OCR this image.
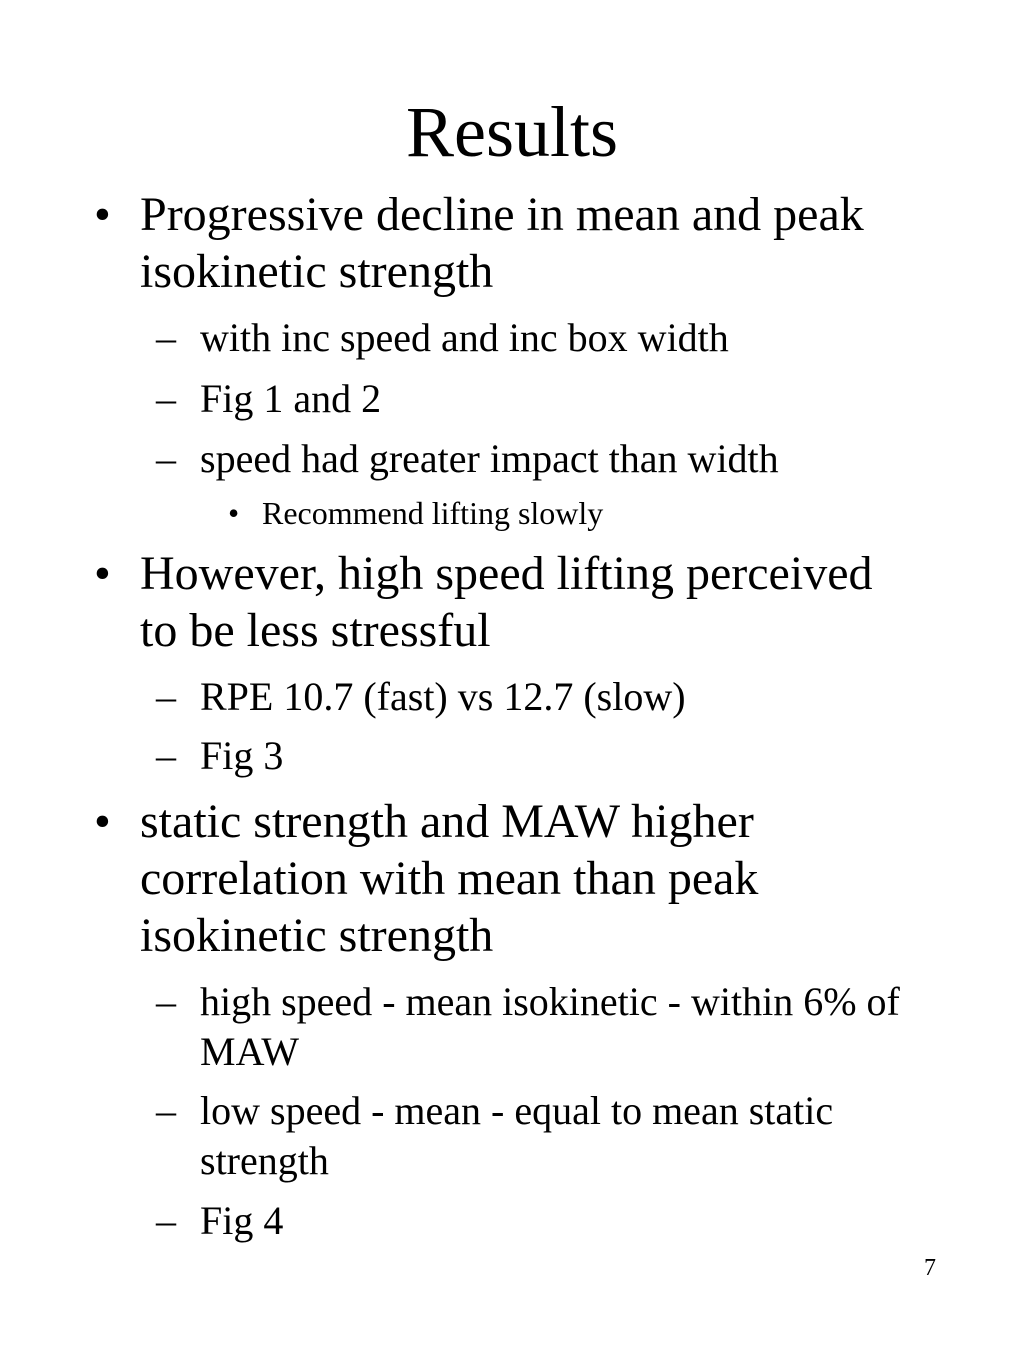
Results
• Progressive decline in mean and peak isokinetic strength
– with inc speed and inc box width
– Fig 1 and 2
– speed had greater impact than width
• Recommend lifting slowly
• However, high speed lifting perceived to be less stressful
– RPE 10.7 (fast) vs 12.7 (slow)
– Fig 3
• static strength and MAW higher correlation with mean than peak isokinetic strength
– high speed - mean isokinetic - within 6% of MAW
– low speed - mean - equal to mean static strength
– Fig 4
7
